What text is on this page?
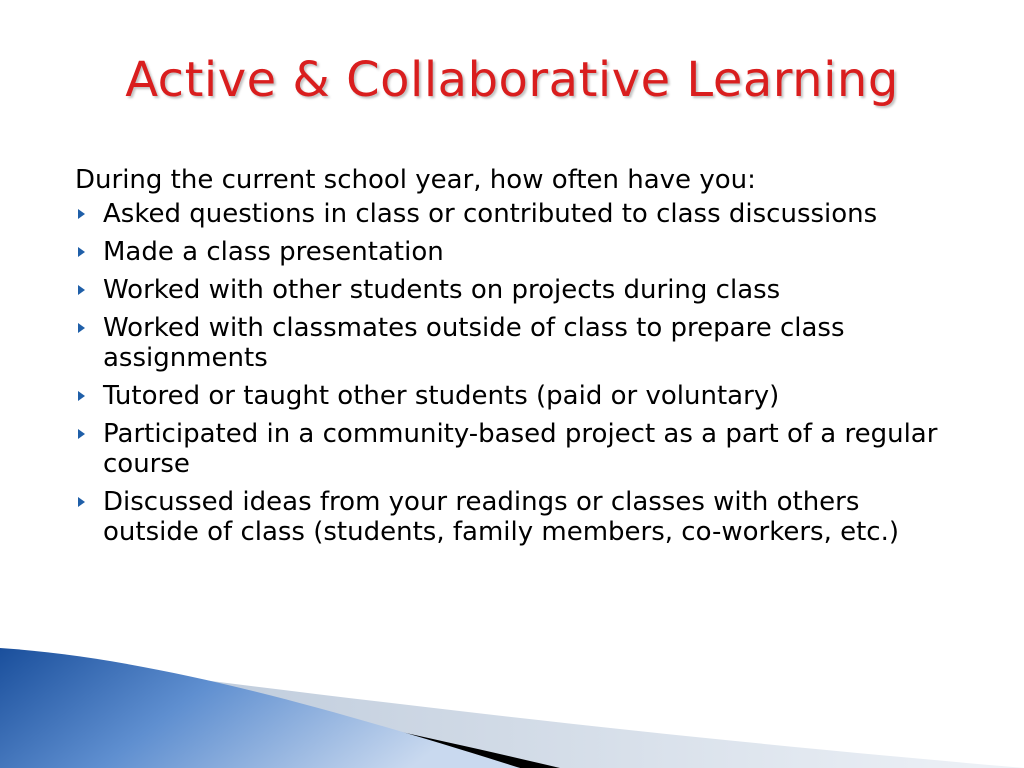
Active & Collaborative Learning

During the current school year, how often have you:

Asked questions in class or contributed to class discussions
Made a class presentation
Worked with other students on projects during class
Worked with classmates outside of class to prepare class assignments
Tutored or taught other students (paid or voluntary)
Participated in a community-based project as a part of a regular course
Discussed ideas from your readings or classes with others outside of class (students, family members, co-workers, etc.)
